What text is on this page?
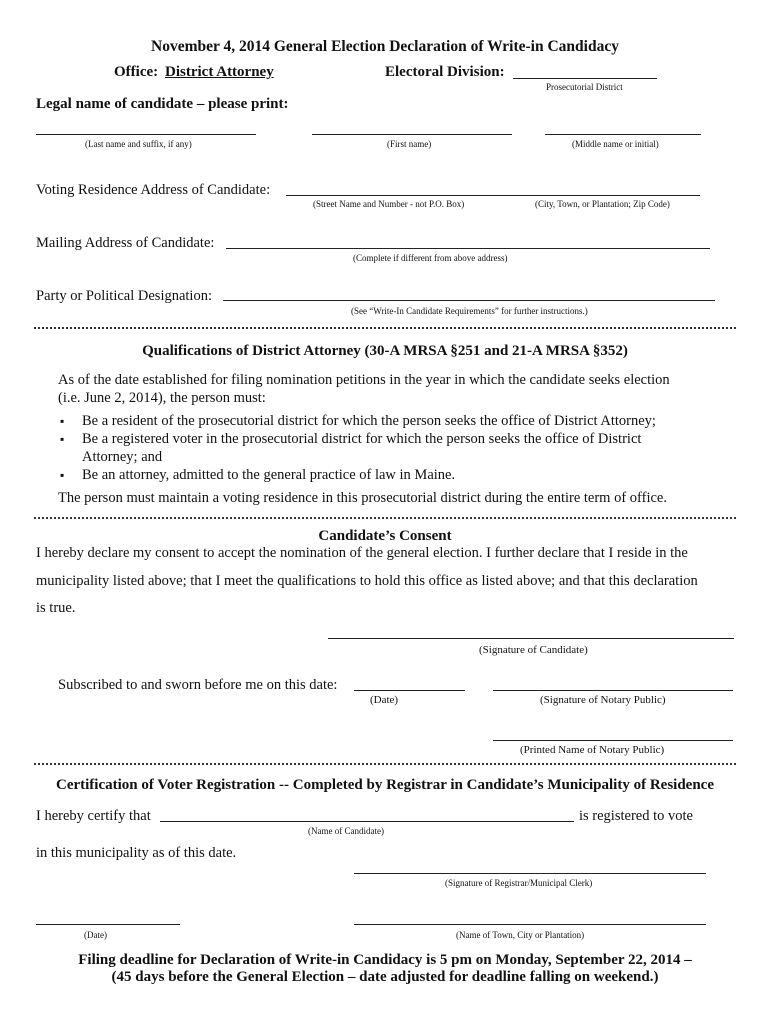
November 4, 2014 General Election Declaration of Write-in Candidacy
Office: District Attorney	Electoral Division:
Prosecutorial District
Legal name of candidate – please print:
(Last name and suffix, if any)	(First name)	(Middle name or initial)
Voting Residence Address of Candidate:
(Street Name and Number - not P.O. Box)	(City, Town, or Plantation; Zip Code)
Mailing Address of Candidate:
(Complete if different from above address)
Party or Political Designation:
(See “Write-In Candidate Requirements” for further instructions.)
Qualifications of District Attorney (30-A MRSA §251 and 21-A MRSA §352)
As of the date established for filing nomination petitions in the year in which the candidate seeks election
(i.e. June 2, 2014), the person must:
▪ Be a resident of the prosecutorial district for which the person seeks the office of District Attorney;
▪ Be a registered voter in the prosecutorial district for which the person seeks the office of District Attorney; and
▪ Be an attorney, admitted to the general practice of law in Maine.
The person must maintain a voting residence in this prosecutorial district during the entire term of office.
Candidate’s Consent
I hereby declare my consent to accept the nomination of the general election. I further declare that I reside in the
municipality listed above; that I meet the qualifications to hold this office as listed above; and that this declaration
is true.
(Signature of Candidate)
Subscribed to and sworn before me on this date:
(Date)	(Signature of Notary Public)
(Printed Name of Notary Public)
Certification of Voter Registration -- Completed by Registrar in Candidate’s Municipality of Residence
I hereby certify that	is registered to vote
(Name of Candidate)
in this municipality as of this date.
(Signature of Registrar/Municipal Clerk)
(Date)	(Name of Town, City or Plantation)
Filing deadline for Declaration of Write-in Candidacy is 5 pm on Monday, September 22, 2014 –
(45 days before the General Election – date adjusted for deadline falling on weekend.)
